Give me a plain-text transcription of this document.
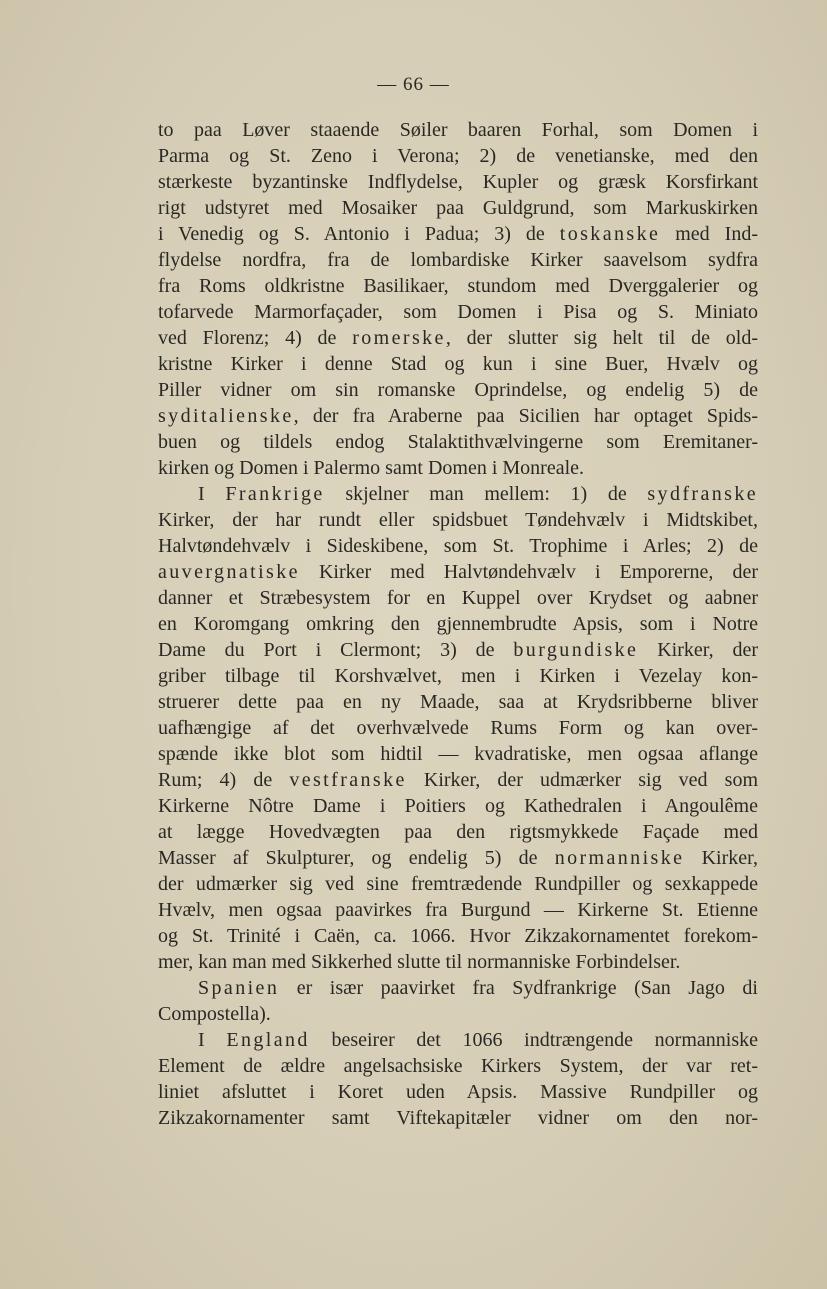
— 66 —
to paa Løver staaende Søiler baaren Forhal, som Domen i
Parma og St. Zeno i Verona; 2) de venetianske, med den
stærkeste byzantinske Indflydelse, Kupler og græsk Korsfirkant
rigt udstyret med Mosaiker paa Guldgrund, som Markuskirken
i Venedig og S. Antonio i Padua; 3) de toskanske med Ind-
flydelse nordfra, fra de lombardiske Kirker saavelsom sydfra
fra Roms oldkristne Basilikaer, stundom med Dverggalerier og
tofarvede Marmorfaçader, som Domen i Pisa og S. Miniato
ved Florenz; 4) de romerske, der slutter sig helt til de old-
kristne Kirker i denne Stad og kun i sine Buer, Hvælv og
Piller vidner om sin romanske Oprindelse, og endelig 5) de
syditalienske, der fra Araberne paa Sicilien har optaget Spids-
buen og tildels endog Stalaktithvælvingerne som Eremitaner-
kirken og Domen i Palermo samt Domen i Monreale.
I Frankrige skjelner man mellem: 1) de sydfranske
Kirker, der har rundt eller spidsbuet Tøndehvælv i Midtskibet,
Halvtøndehvælv i Sideskibene, som St. Trophime i Arles; 2) de
auvergnatiske Kirker med Halvtøndehvælv i Emporerne, der
danner et Stræbesystem for en Kuppel over Krydset og aabner
en Koromgang omkring den gjennembrudte Apsis, som i Notre
Dame du Port i Clermont; 3) de burgundiske Kirker, der
griber tilbage til Korshvælvet, men i Kirken i Vezelay kon-
struerer dette paa en ny Maade, saa at Krydsribberne bliver
uafhængige af det overhvælvede Rums Form og kan over-
spænde ikke blot som hidtil — kvadratiske, men ogsaa aflange
Rum; 4) de vestfranske Kirker, der udmærker sig ved som
Kirkerne Nôtre Dame i Poitiers og Kathedralen i Angoulême
at lægge Hovedvægten paa den rigtsmykkede Façade med
Masser af Skulpturer, og endelig 5) de normanniske Kirker,
der udmærker sig ved sine fremtrædende Rundpiller og sexkappede
Hvælv, men ogsaa paavirkes fra Burgund — Kirkerne St. Etienne
og St. Trinité i Caën, ca. 1066. Hvor Zikzakornamentet forekom-
mer, kan man med Sikkerhed slutte til normanniske Forbindelser.
Spanien er især paavirket fra Sydfrankrige (San Jago di
Compostella).
I England beseirer det 1066 indtrængende normanniske
Element de ældre angelsachsiske Kirkers System, der var ret-
liniet afsluttet i Koret uden Apsis. Massive Rundpiller og
Zikzakornamenter samt Viftekapitæler vidner om den nor-
